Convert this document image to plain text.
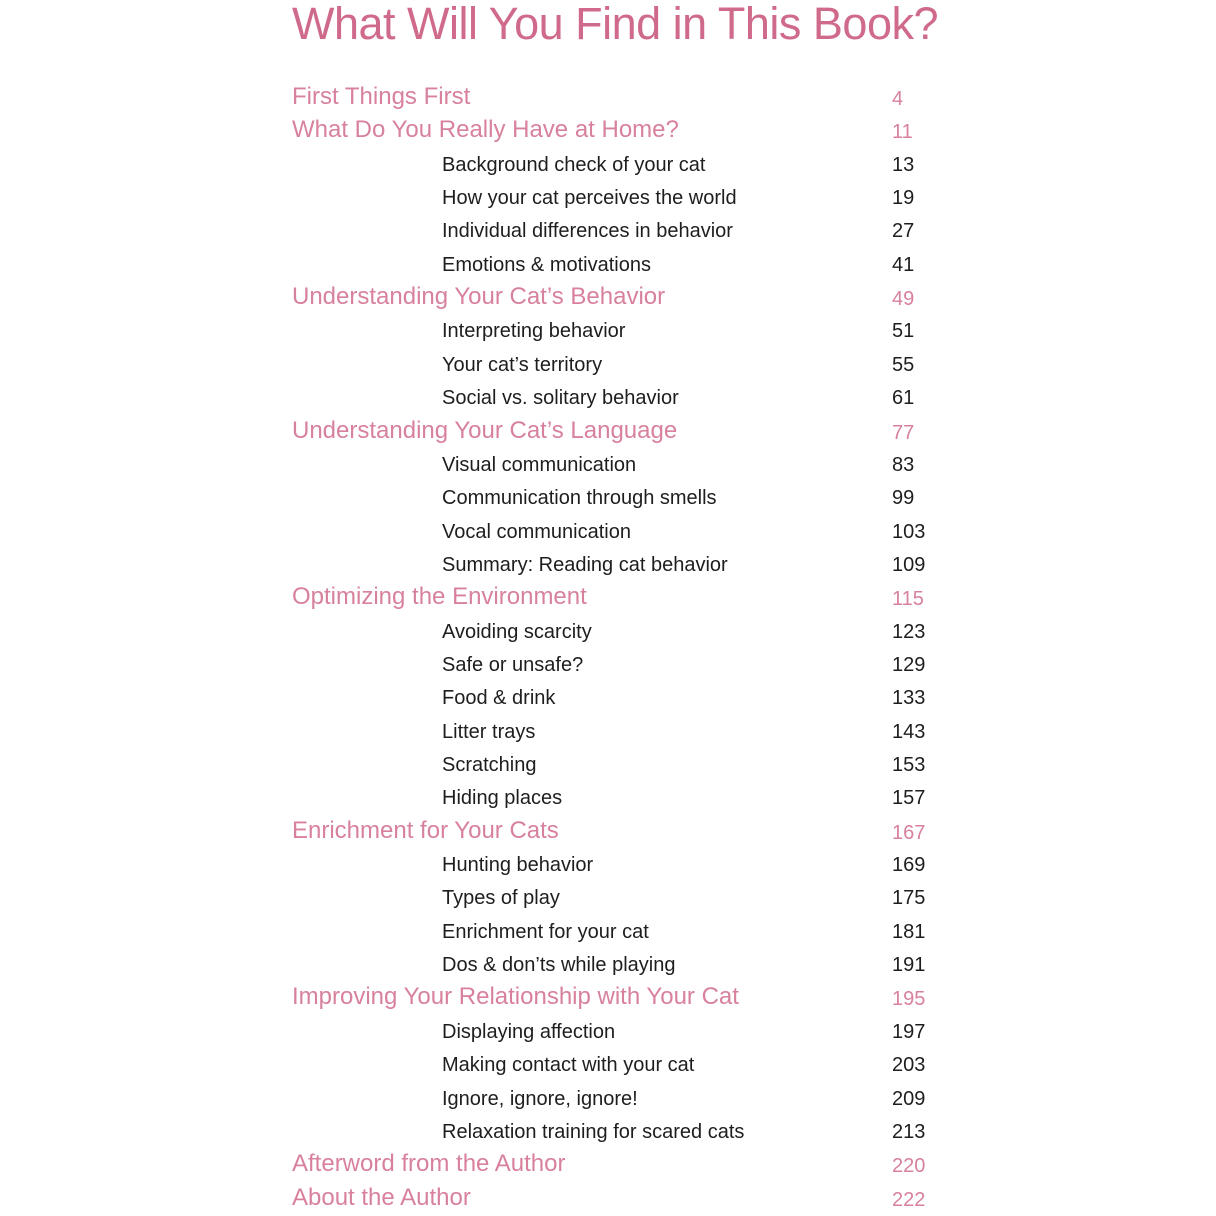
What Will You Find in This Book?
First Things First	4
What Do You Really Have at Home?	11
Background check of your cat	13
How your cat perceives the world	19
Individual differences in behavior	27
Emotions & motivations	41
Understanding Your Cat’s Behavior	49
Interpreting behavior	51
Your cat’s territory	55
Social vs. solitary behavior	61
Understanding Your Cat’s Language	77
Visual communication	83
Communication through smells	99
Vocal communication	103
Summary: Reading cat behavior	109
Optimizing the Environment	115
Avoiding scarcity	123
Safe or unsafe?	129
Food & drink	133
Litter trays	143
Scratching	153
Hiding places	157
Enrichment for Your Cats	167
Hunting behavior	169
Types of play	175
Enrichment for your cat	181
Dos & don’ts while playing	191
Improving Your Relationship with Your Cat	195
Displaying affection	197
Making contact with your cat	203
Ignore, ignore, ignore!	209
Relaxation training for scared cats	213
Afterword from the Author	220
About the Author	222
